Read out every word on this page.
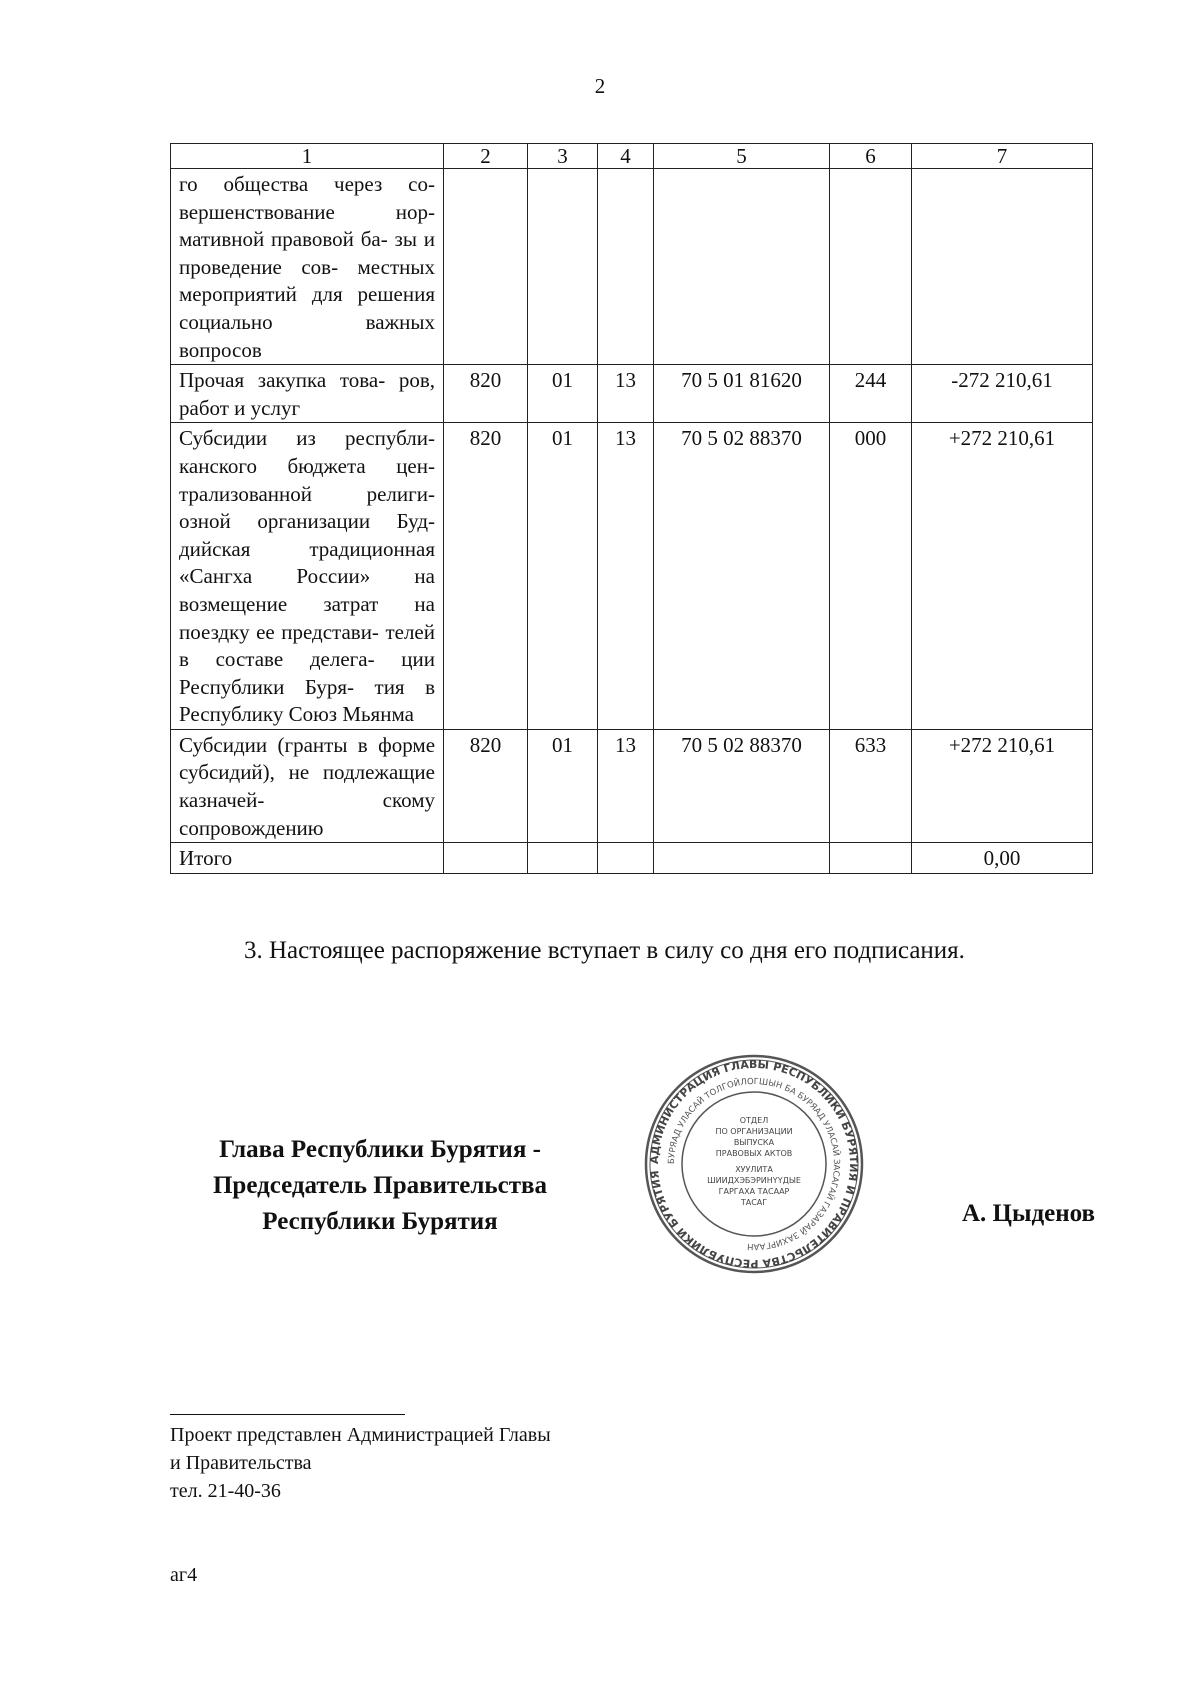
2
1	2	3	4	5	6	7
го общества через со- вершенствование нор- мативной правовой ба- зы и проведение сов- местных мероприятий для решения социально важных вопросов						
Прочая закупка това- ров, работ и услуг	820	01	13	70 5 01 81620	244	-272 210,61
Субсидии из республи- канского бюджета цен- трализованной религи- озной организации Буд- дийская традиционная «Сангха России» на возмещение затрат на поездку ее представи- телей в составе делега- ции Республики Буря- тия в Республику Союз Мьянма	820	01	13	70 5 02 88370	000	+272 210,61
Субсидии (гранты в форме субсидий), не подлежащие казначей- скому сопровождению	820	01	13	70 5 02 88370	633	+272 210,61
Итого						0,00
3. Настоящее распоряжение вступает в силу со дня его подписания.
Глава Республики Бурятия -
Председатель Правительства
Республики Бурятия
АДМИНИСТРАЦИЯ ГЛАВЫ РЕСПУБЛИКИ БУРЯТИЯ И ПРАВИТЕЛЬСТВА РЕСПУБЛИКИ БУРЯТИЯ
БУРЯАД УЛАСАЙ ТОЛГОЙЛОГШЫН БА БУРЯАД УЛАСАЙ ЗАСАГАЙ ГАЗАРАЙ ЗАХИРГААН
ОТДЕЛ
ПО ОРГАНИЗАЦИИ
ВЫПУСКА
ПРАВОВЫХ АКТОВ
ХУУЛИТА
ШИИДХЭБЭРИНҮҮДЫЕ
ГАРГАХА ТАСААР
ТАСАГ	А. Цыденов
Проект представлен Администрацией Главы
и Правительства
тел. 21-40-36
аг4
